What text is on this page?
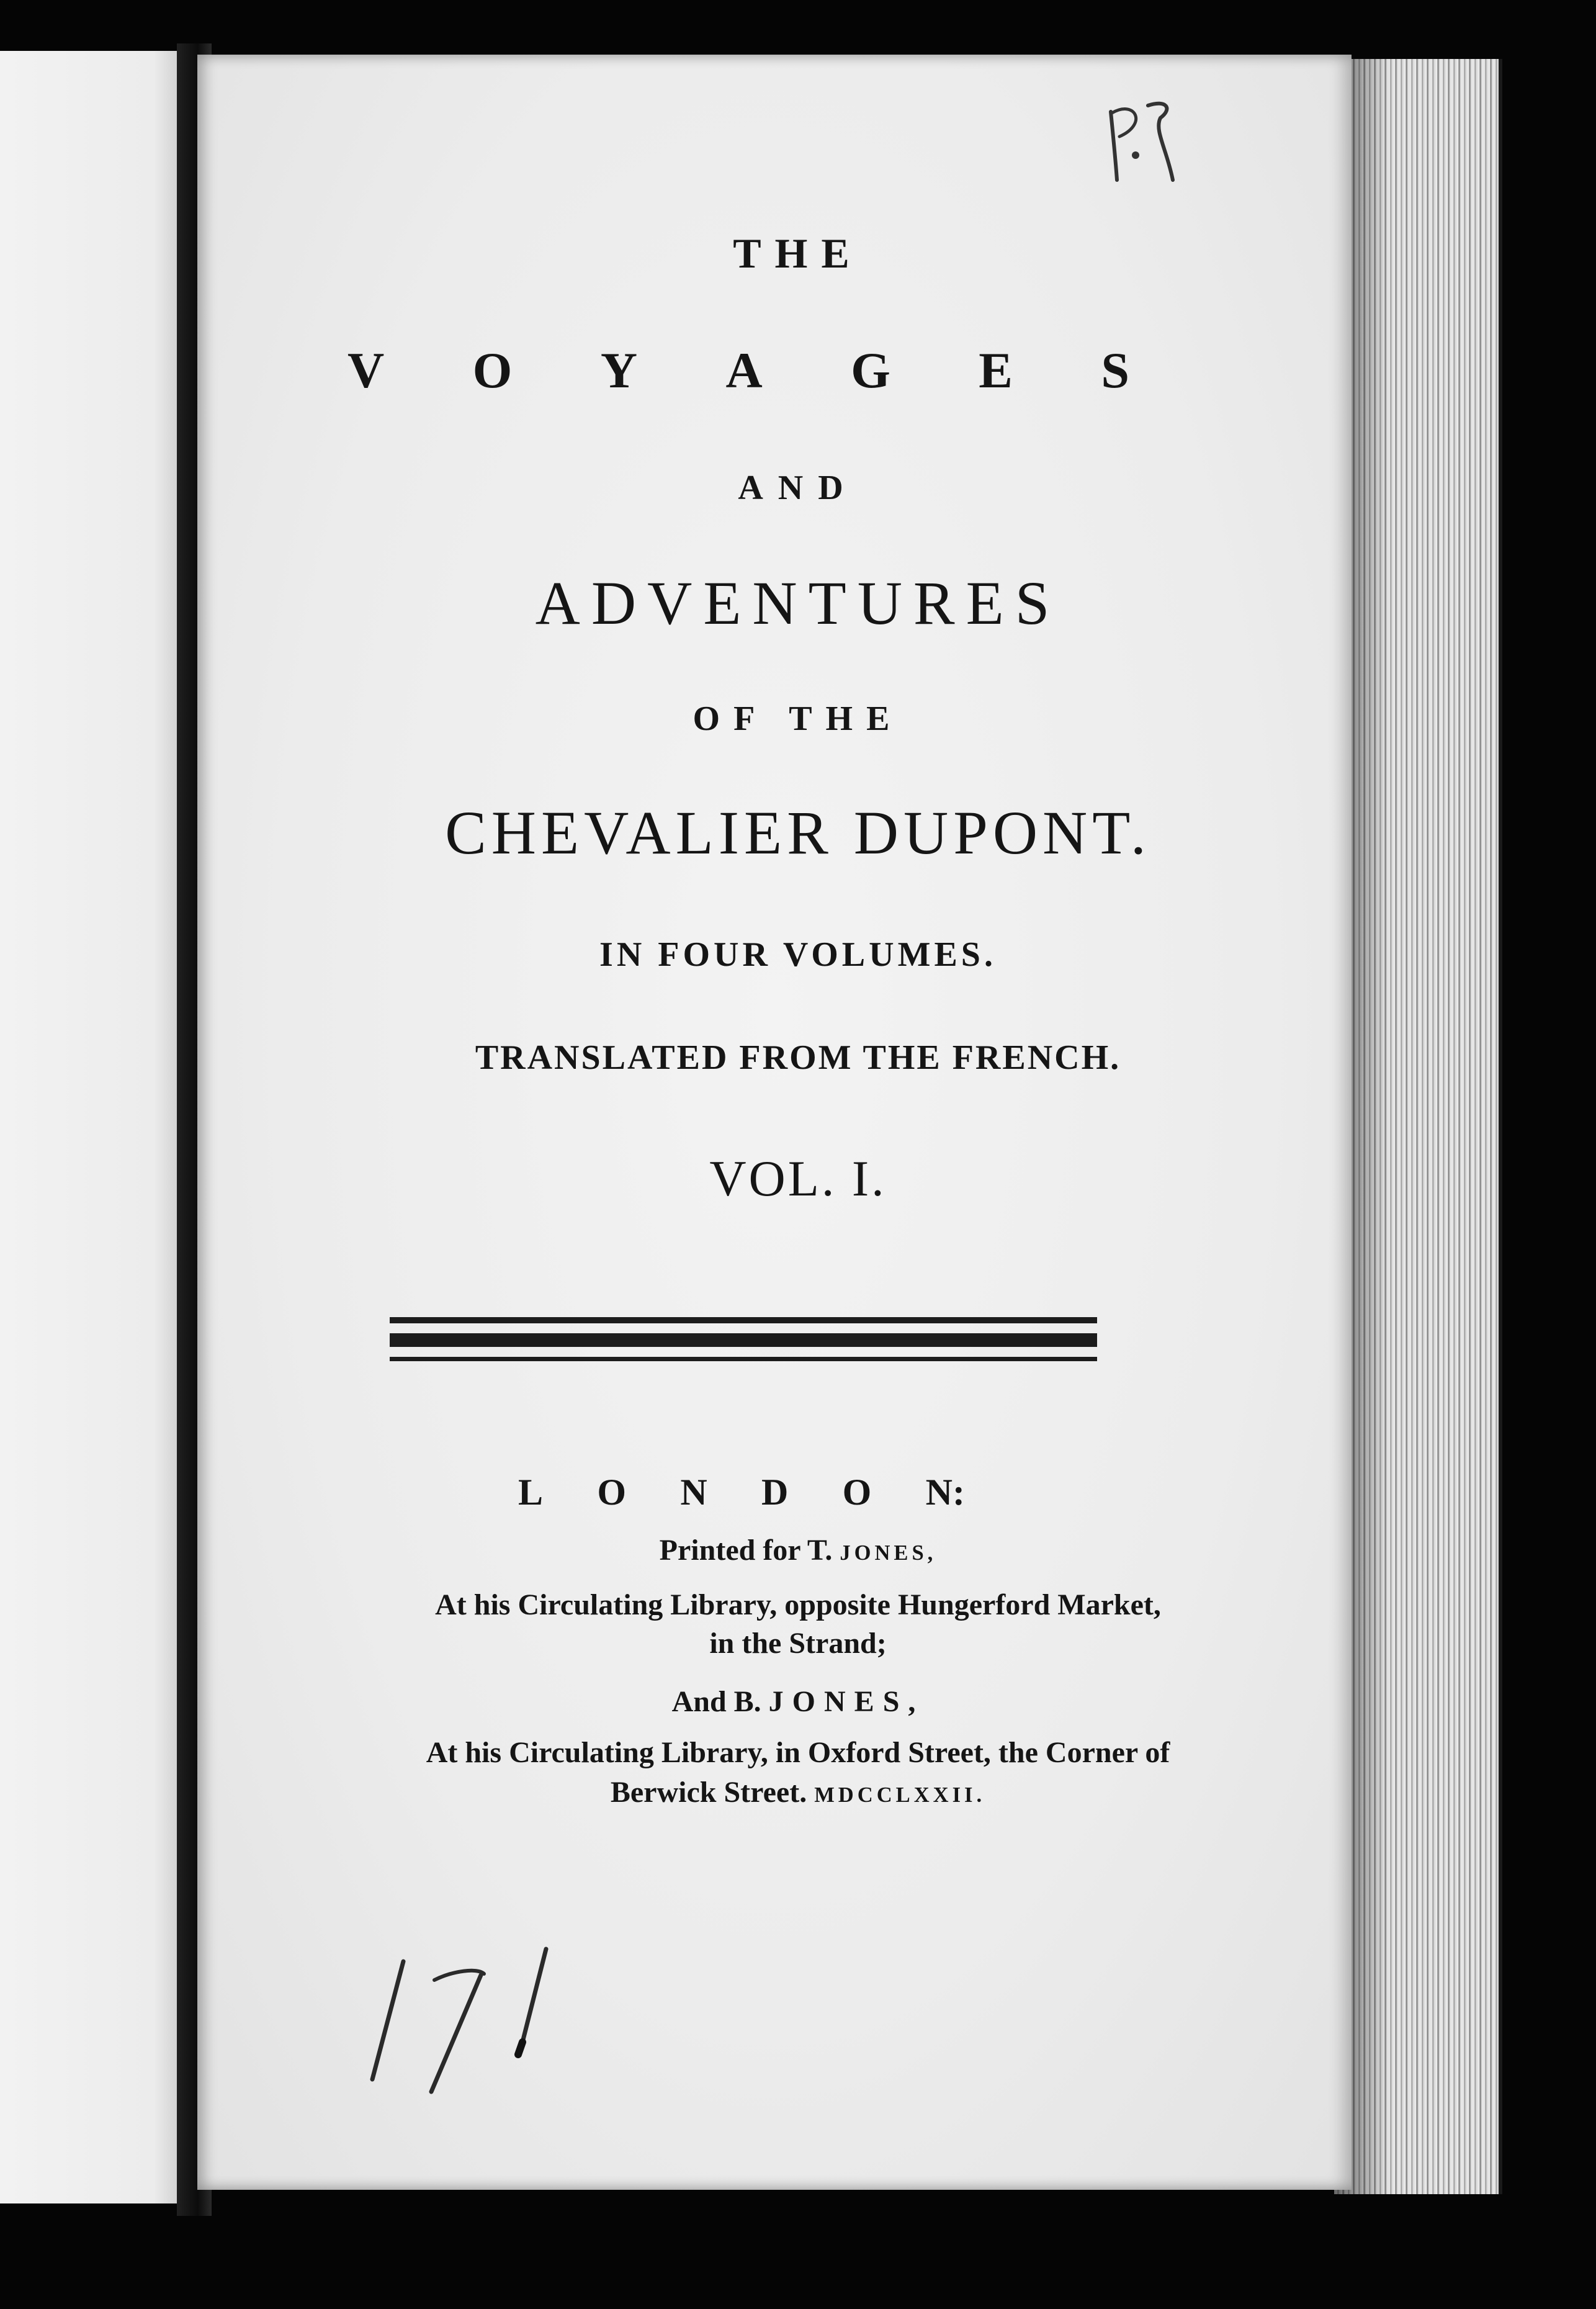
THE
V O Y A G E S
AND
ADVENTURES
OF THE
CHEVALIER DUPONT.
IN FOUR VOLUMES.
TRANSLATED FROM THE FRENCH.
VOL. I.
L O N D O N:
Printed for T. JONES,
At his Circulating Library, opposite Hungerford Market,
in the Strand;
And B. JONES,
At his Circulating Library, in Oxford Street, the Corner of
Berwick Street. MDCCLXXII.
